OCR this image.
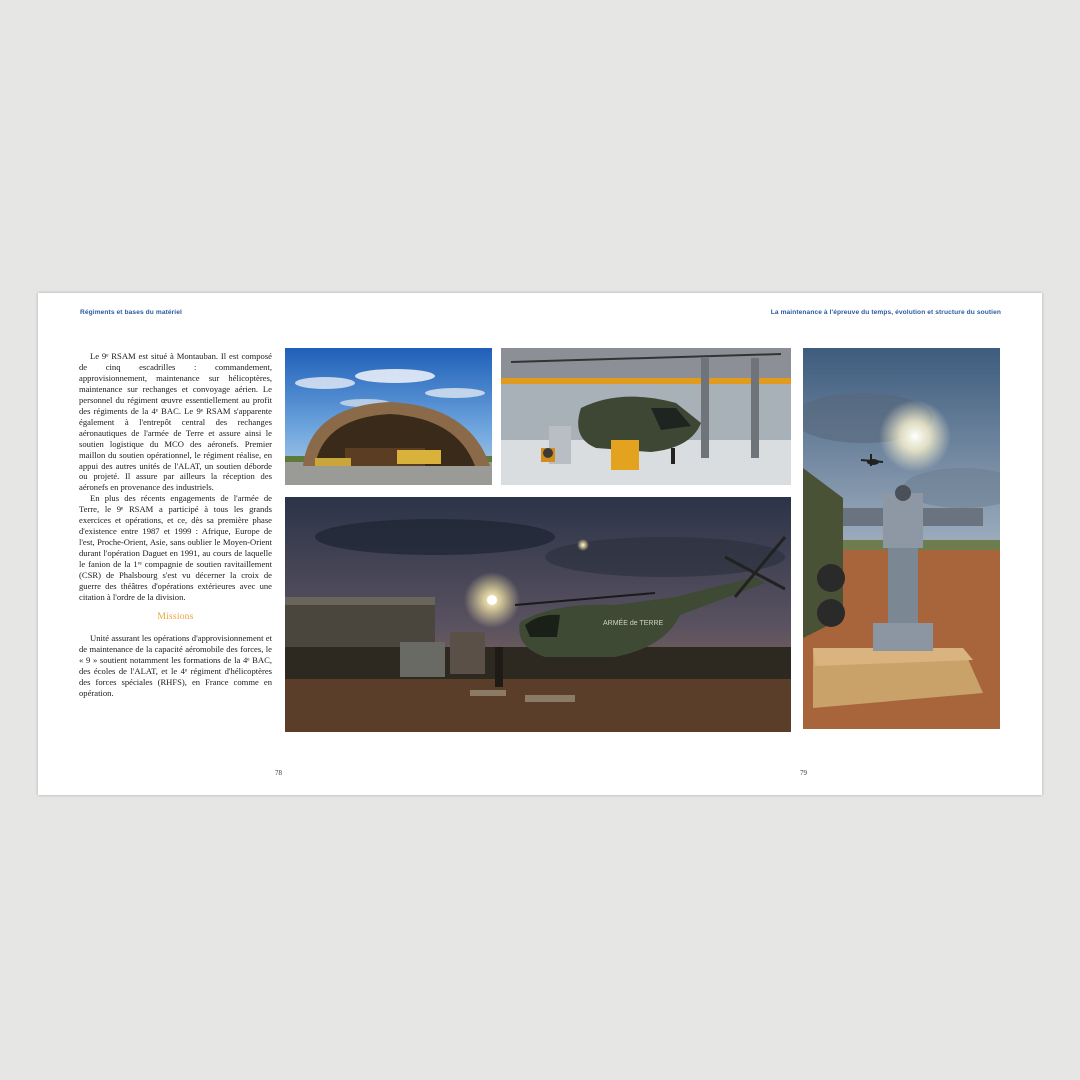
Régiments et bases du matériel	La maintenance à l'épreuve du temps, évolution et structure du soutien

Le 9ᵉ RSAM est situé à Montauban. Il est composé de cinq escadrilles : commandement, approvisionnement, maintenance sur hélicoptères, maintenance sur rechanges et convoyage aérien. Le personnel du régiment œuvre essentiellement au profit des régiments de la 4ᵉ BAC. Le 9ᵉ RSAM s'apparente également à l'entrepôt central des rechanges aéronautiques de l'armée de Terre et assure ainsi le soutien logistique du MCO des aéronefs. Premier maillon du soutien opérationnel, le régiment réalise, en appui des autres unités de l'ALAT, un soutien déborde ou projeté. Il assure par ailleurs la réception des aéronefs en provenance des industriels.

En plus des récents engagements de l'armée de Terre, le 9ᵉ RSAM a participé à tous les grands exercices et opérations, et ce, dès sa première phase d'existence entre 1987 et 1999 : Afrique, Europe de l'est, Proche-Orient, Asie, sans oublier le Moyen-Orient durant l'opération Daguet en 1991, au cours de laquelle le fanion de la 1ʳᵉ compagnie de soutien ravitaillement (CSR) de Phalsbourg s'est vu décerner la croix de guerre des théâtres d'opérations extérieures avec une citation à l'ordre de la division.

Missions

Unité assurant les opérations d'approvisionnement et de maintenance de la capacité aéromobile des forces, le « 9 » soutient notamment les formations de la 4ᵉ BAC, des écoles de l'ALAT, et le 4ᵉ régiment d'hélicoptères des forces spéciales (RHFS), en France comme en opération.

ARMÉE de TERRE
78	79
